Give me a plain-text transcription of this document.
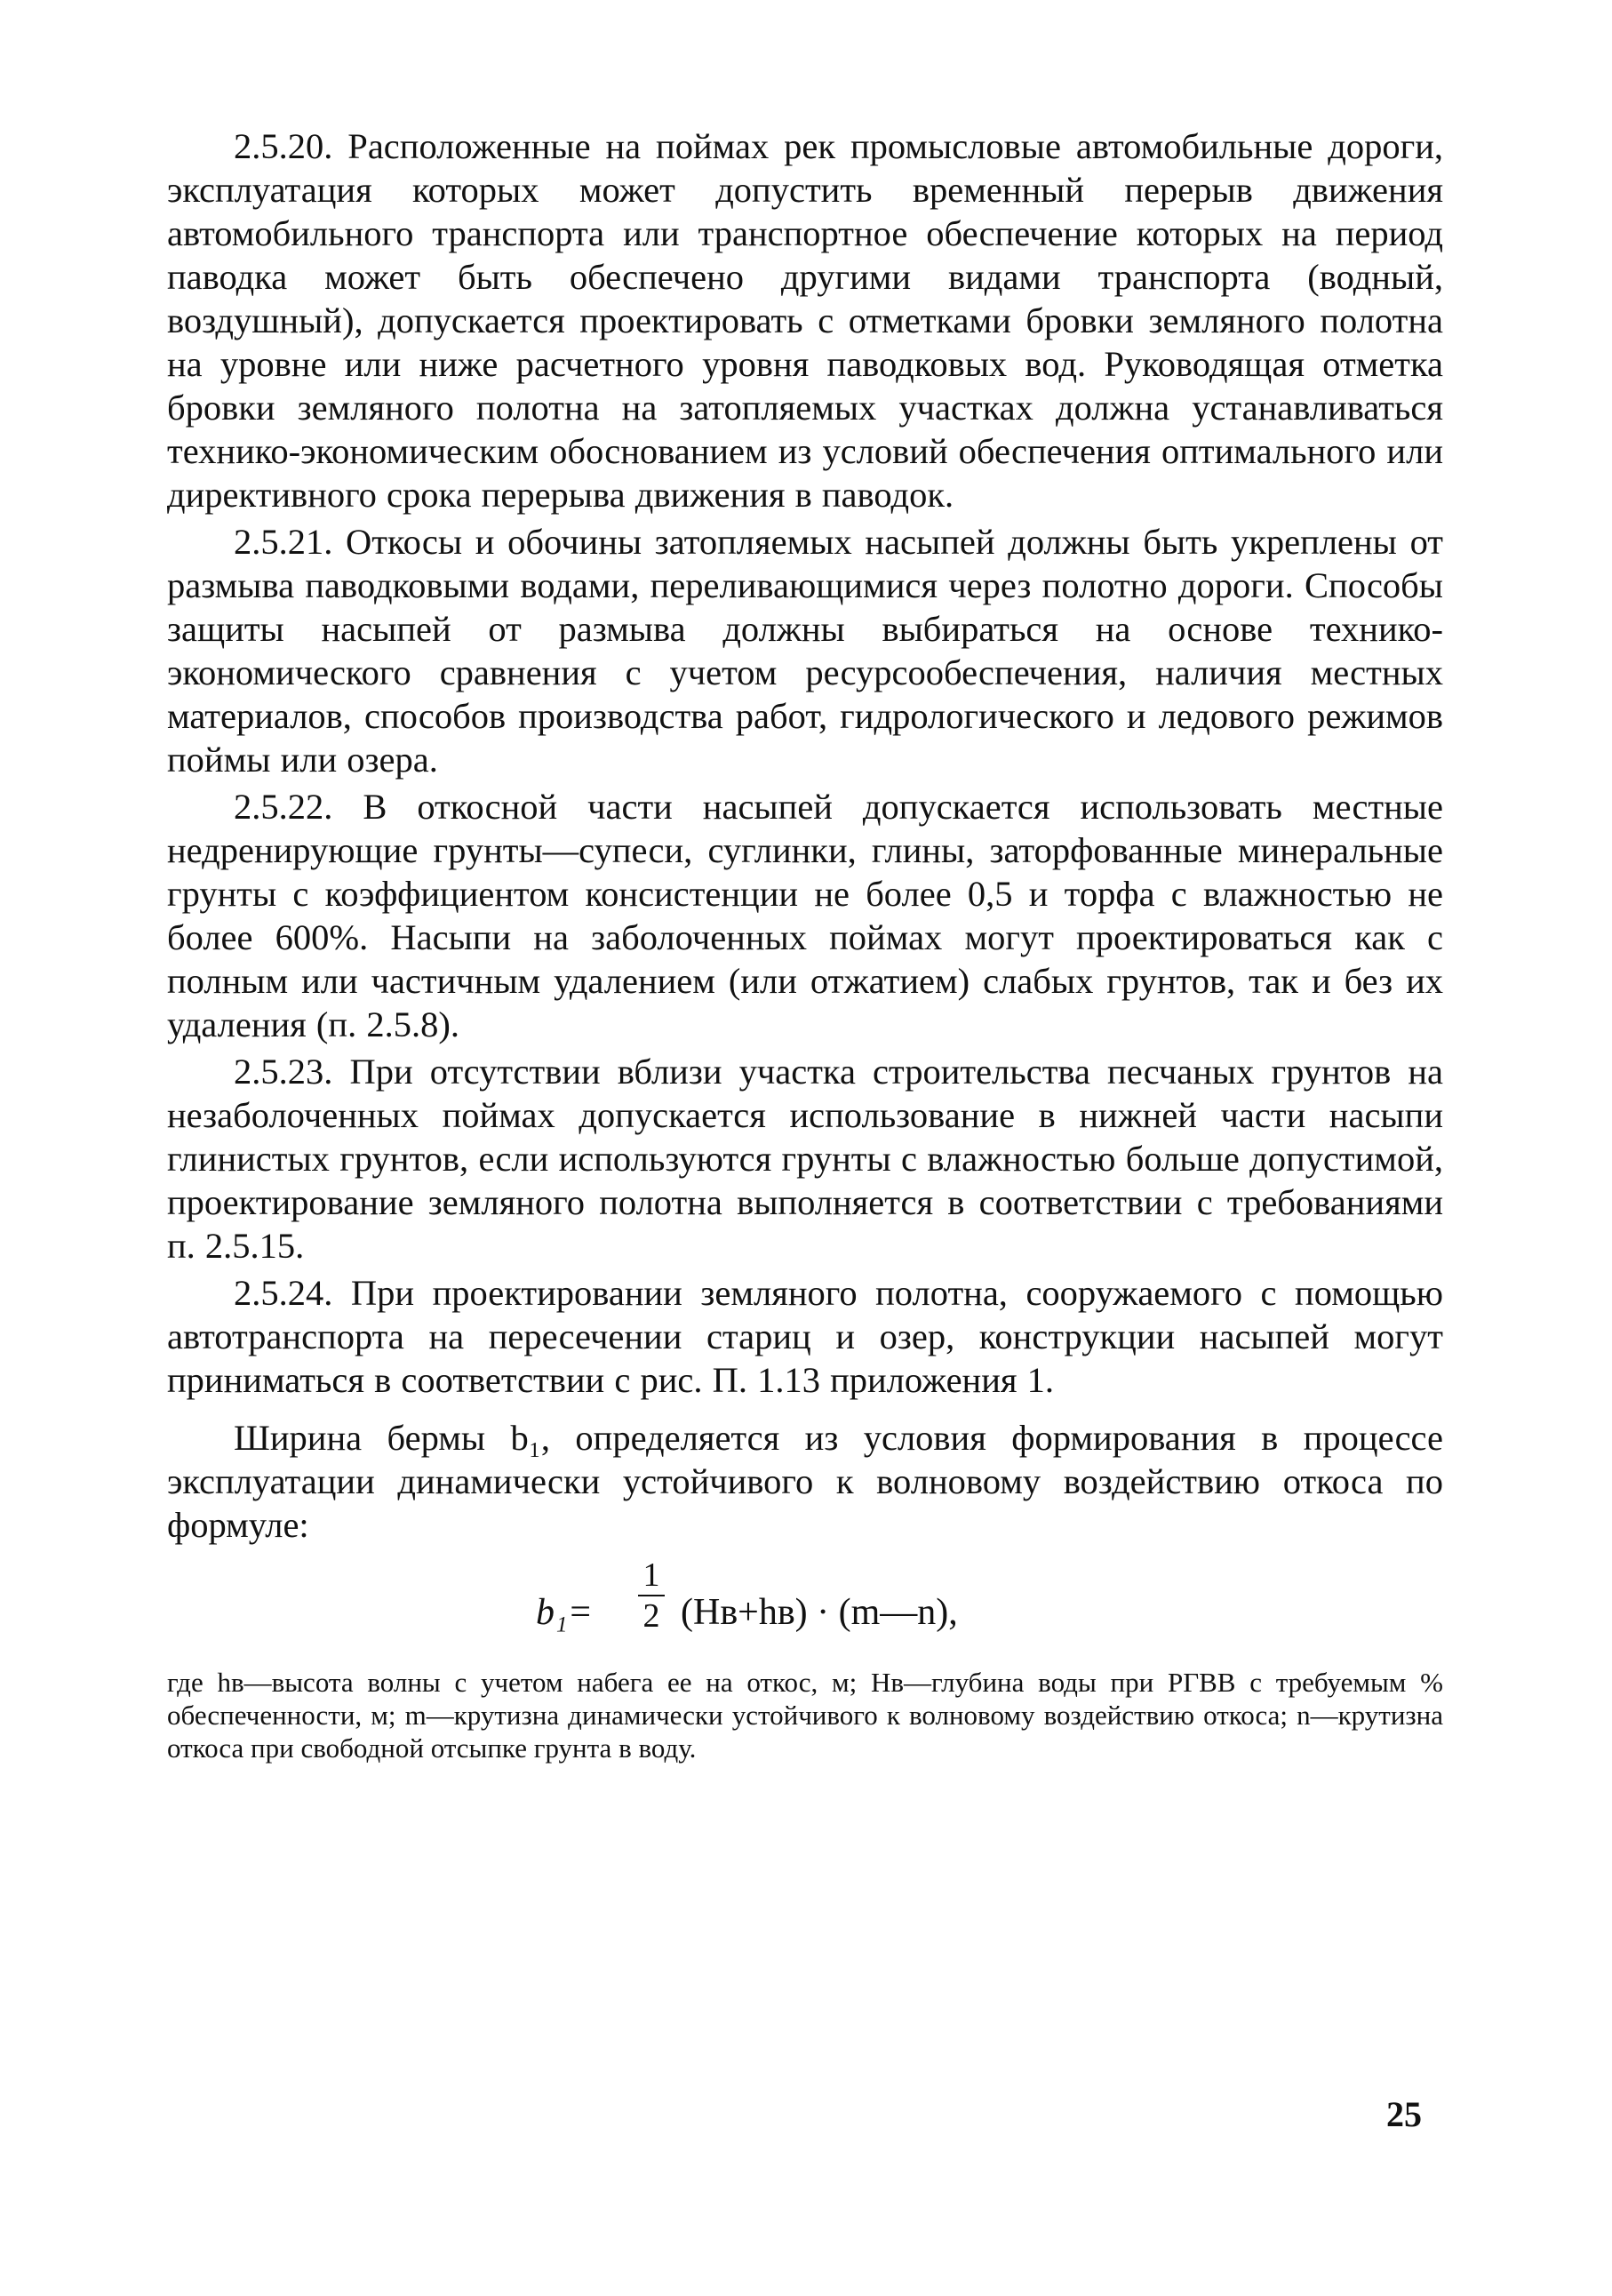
2.5.20. Расположенные на поймах рек промысловые автомобильные дороги, эксплуатация которых может допустить временный перерыв движения автомобильного транспорта или транспортное обеспечение которых на период паводка может быть обеспечено другими видами транспорта (водный, воздушный), допускается проектировать с отметками бровки земляного полотна на уровне или ниже расчетного уровня паводковых вод. Руководящая отметка бровки земляного полотна на затопляемых участках должна устанавливаться технико-экономическим обоснованием из условий обеспечения оптимального или директивного срока перерыва движения в паводок.

2.5.21. Откосы и обочины затопляемых насыпей должны быть укреплены от размыва паводковыми водами, переливающимися через полотно дороги. Способы защиты насыпей от размыва должны выбираться на основе технико-экономического сравнения с учетом ресурсообеспечения, наличия местных материалов, способов производства работ, гидрологического и ледового режимов поймы или озера.

2.5.22. В откосной части насыпей допускается использовать местные недренирующие грунты—супеси, суглинки, глины, заторфованные минеральные грунты с коэффициентом консистенции не более 0,5 и торфа с влажностью не более 600%. Насыпи на заболоченных поймах могут проектироваться как с полным или частичным удалением (или отжатием) слабых грунтов, так и без их удаления (п. 2.5.8).

2.5.23. При отсутствии вблизи участка строительства песчаных грунтов на незаболоченных поймах допускается использование в нижней части насыпи глинистых грунтов, если используются грунты с влажностью больше допустимой, проектирование земляного полотна выполняется в соответствии с требованиями п. 2.5.15.

2.5.24. При проектировании земляного полотна, сооружаемого с помощью автотранспорта на пересечении стариц и озер, конструкции насыпей могут приниматься в соответствии с рис. П. 1.13 приложения 1.

Ширина бермы b₁, определяется из условия формирования в процессе эксплуатации динамически устойчивого к волновому воздействию откоса по формуле:

b₁=
1
2 (Hв+hв) · (m—n),

где hв—высота волны с учетом набега ее на откос, м; Hв—глубина воды при РГВВ с требуемым % обеспеченности, м; m—крутизна динамически устойчивого к волновому воздействию откоса; n—крутизна откоса при свободной отсыпке грунта в воду.

25
